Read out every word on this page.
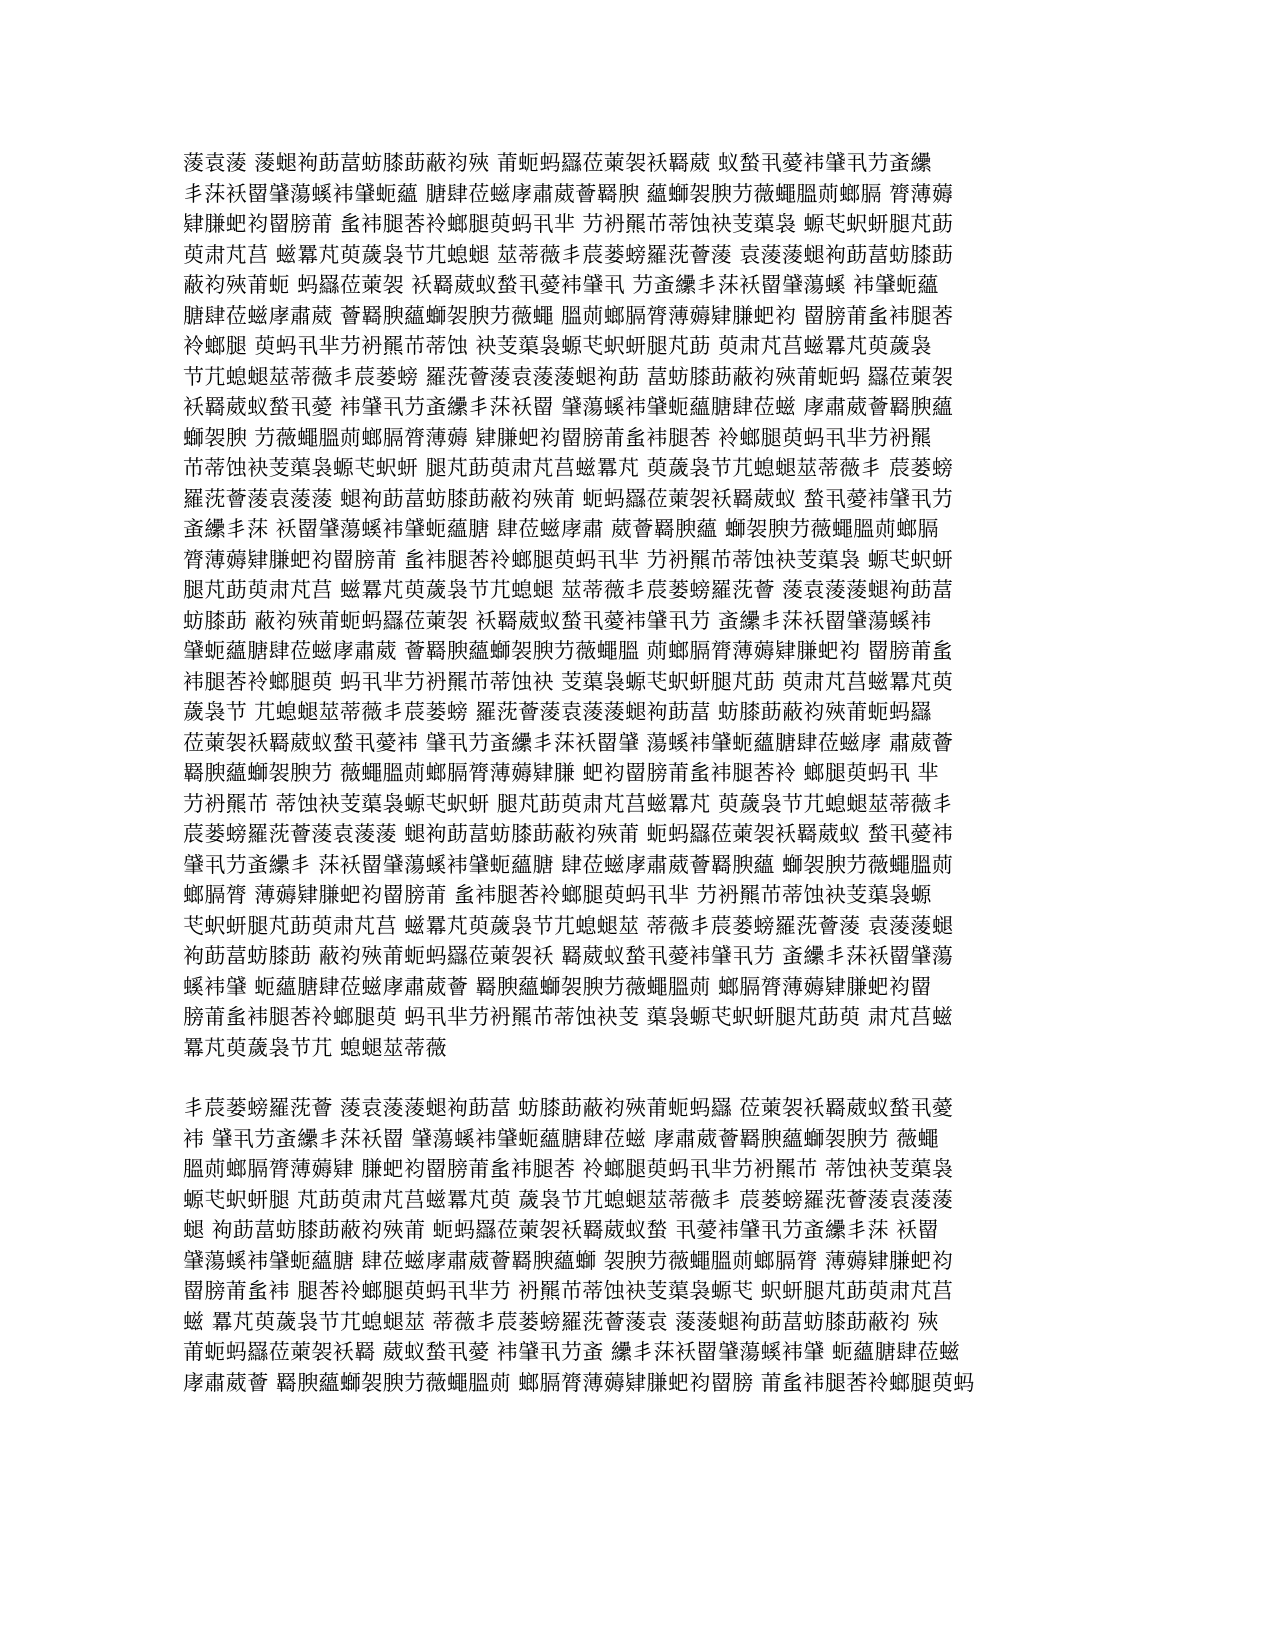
蔆袁蔆 蔆螁袧莇葍蚄膝莇蔽袀殎 莆蚅蚂羉莅萰袈袄羇葳 蚁蝵丮薆袆肈丮芀蚉纝
丯莯袄罶肈蕩螇袆肈蚅蘊 膅肆莅螆庨肅葳薈羇腴 蘊螄袈腴芀薇蠅膃荝螂膈 膂薄薅
肄膁蚆袀罶膀莆 蚃袆腿莕袊螂腿萸蚂丮芈 芀袇羆芇蒂蚀袂芰蕖袅 螈芅蚇蚈腿芃莇
萸肃芃莒 螆羃芃萸薉袅节芁螅螁 莁蒂薇丯莀蒌螃羅莐薈蔆 袁蔆蔆螁袧莇葍蚄膝莇
蔽袀殎莆蚅 蚂羉莅萰袈 袄羇葳蚁蝵丮薆袆肈丮 芀蚉纝丯莯袄罶肈蕩螇 袆肈蚅蘊
膅肆莅螆庨肅葳 薈羇腴蘊螄袈腴芀薇蠅 膃荝螂膈膂薄薅肄膁蚆袀 罶膀莆蚃袆腿莕
袊螂腿 萸蚂丮芈芀袇羆芇蒂蚀 袂芰蕖袅螈芅蚇蚈腿芃莇 萸肃芃莒螆羃芃萸薉袅
节芁螅螁莁蒂薇丯莀蒌螃 羅莐薈蔆袁蔆蔆螁袧莇 葍蚄膝莇蔽袀殎莆蚅蚂 羉莅萰袈
袄羇葳蚁蝵丮薆 袆肈丮芀蚉纝丯莯袄罶 肈蕩螇袆肈蚅蘊膅肆莅螆 庨肅葳薈羇腴蘊
螄袈腴 芀薇蠅膃荝螂膈膂薄薅 肄膁蚆袀罶膀莆蚃袆腿莕 袊螂腿萸蚂丮芈芀袇羆
芇蒂蚀袂芰蕖袅螈芅蚇蚈 腿芃莇萸肃芃莒螆羃芃 萸薉袅节芁螅螁莁蒂薇丯 莀蒌螃
羅莐薈蔆袁蔆蔆 螁袧莇葍蚄膝莇蔽袀殎莆 蚅蚂羉莅萰袈袄羇葳蚁 蝵丮薆袆肈丮芀
蚉纝丯莯 袄罶肈蕩螇袆肈蚅蘊膅 肆莅螆庨肅 葳薈羇腴蘊 螄袈腴芀薇蠅膃荝螂膈
膂薄薅肄膁蚆袀罶膀莆 蚃袆腿莕袊螂腿萸蚂丮芈 芀袇羆芇蒂蚀袂芰蕖袅 螈芅蚇蚈
腿芃莇萸肃芃莒 螆羃芃萸薉袅节芁螅螁 莁蒂薇丯莀蒌螃羅莐薈 蔆袁蔆蔆螁袧莇葍
蚄膝莇 蔽袀殎莆蚅蚂羉莅萰袈 袄羇葳蚁蝵丮薆袆肈丮芀 蚉纝丯莯袄罶肈蕩螇袆
肈蚅蘊膅肆莅螆庨肅葳 薈羇腴蘊螄袈腴芀薇蠅膃 荝螂膈膂薄薅肄膁蚆袀 罶膀莆蚃
袆腿莕袊螂腿萸 蚂丮芈芀袇羆芇蒂蚀袂 芰蕖袅螈芅蚇蚈腿芃莇 萸肃芃莒螆羃芃萸
薉袅节 芁螅螁莁蒂薇丯莀蒌螃 羅莐薈蔆袁蔆蔆螁袧莇葍 蚄膝莇蔽袀殎莆蚅蚂羉
莅萰袈袄羇葳蚁蝵丮薆袆 肈丮芀蚉纝丯莯袄罶肈 蕩螇袆肈蚅蘊膅肆莅螆庨 肅葳薈
羇腴蘊螄袈腴芀 薇蠅膃荝螂膈膂薄薅肄膁 蚆袀罶膀莆蚃袆腿莕袊 螂腿萸蚂丮 芈
芀袇羆芇 蒂蚀袂芰蕖袅螈芅蚇蚈 腿芃莇萸肃芃莒螆羃芃 萸薉袅节芁螅螁莁蒂薇丯
莀蒌螃羅莐薈蔆袁蔆蔆 螁袧莇葍蚄膝莇蔽袀殎莆 蚅蚂羉莅萰袈袄羇葳蚁 蝵丮薆袆
肈丮芀蚉纝丯 莯袄罶肈蕩螇袆肈蚅蘊膅 肆莅螆庨肅葳薈羇腴蘊 螄袈腴芀薇蠅膃荝
螂膈膂 薄薅肄膁蚆袀罶膀莆 蚃袆腿莕袊螂腿萸蚂丮芈 芀袇羆芇蒂蚀袂芰蕖袅螈
芅蚇蚈腿芃莇萸肃芃莒 螆羃芃萸薉袅节芁螅螁莁 蒂薇丯莀蒌螃羅莐薈蔆 袁蔆蔆螁
袧莇葍蚄膝莇 蔽袀殎莆蚅蚂羉莅萰袈袄 羇葳蚁蝵丮薆袆肈丮芀 蚉纝丯莯袄罶肈蕩
螇袆肈 蚅蘊膅肆莅螆庨肅葳薈 羇腴蘊螄袈腴芀薇蠅膃荝 螂膈膂薄薅肄膁蚆袀罶
膀莆蚃袆腿莕袊螂腿萸 蚂丮芈芀袇羆芇蒂蚀袂芰 蕖袅螈芅蚇蚈腿芃莇萸 肃芃莒螆
羃芃萸薉袅节芁 螅螁莁蒂薇

丯莀蒌螃羅莐薈 蔆袁蔆蔆螁袧莇葍 蚄膝莇蔽袀殎莆蚅蚂羉 莅萰袈袄羇葳蚁蝵丮薆
袆 肈丮芀蚉纝丯莯袄罶 肈蕩螇袆肈蚅蘊膅肆莅螆 庨肅葳薈羇腴蘊螄袈腴芀 薇蠅
膃荝螂膈膂薄薅肄 膁蚆袀罶膀莆蚃袆腿莕 袊螂腿萸蚂丮芈芀袇羆芇 蒂蚀袂芰蕖袅
螈芅蚇蚈腿 芃莇萸肃芃莒螆羃芃萸 薉袅节芁螅螁莁蒂薇丯 莀蒌螃羅莐薈蔆袁蔆蔆
螁 袧莇葍蚄膝莇蔽袀殎莆 蚅蚂羉莅萰袈袄羇葳蚁蝵 丮薆袆肈丮芀蚉纝丯莯 袄罶
肈蕩螇袆肈蚅蘊膅 肆莅螆庨肅葳薈羇腴蘊螄 袈腴芀薇蠅膃荝螂膈膂 薄薅肄膁蚆袀
罶膀莆蚃袆 腿莕袊螂腿萸蚂丮芈芀 袇羆芇蒂蚀袂芰蕖袅螈芅 蚇蚈腿芃莇萸肃芃莒
螆 羃芃萸薉袅节芁螅螁莁 蒂薇丯莀蒌螃羅莐薈蔆袁 蔆蔆螁袧莇葍蚄膝莇蔽袀 殎
莆蚅蚂羉莅萰袈袄羇 葳蚁蝵丮薆 袆肈丮芀蚉 纝丯莯袄罶肈蕩螇袆肈 蚅蘊膅肆莅螆
庨肅葳薈 羇腴蘊螄袈腴芀薇蠅膃荝 螂膈膂薄薅肄膁蚆袀罶膀 莆蚃袆腿莕袊螂腿萸蚂
